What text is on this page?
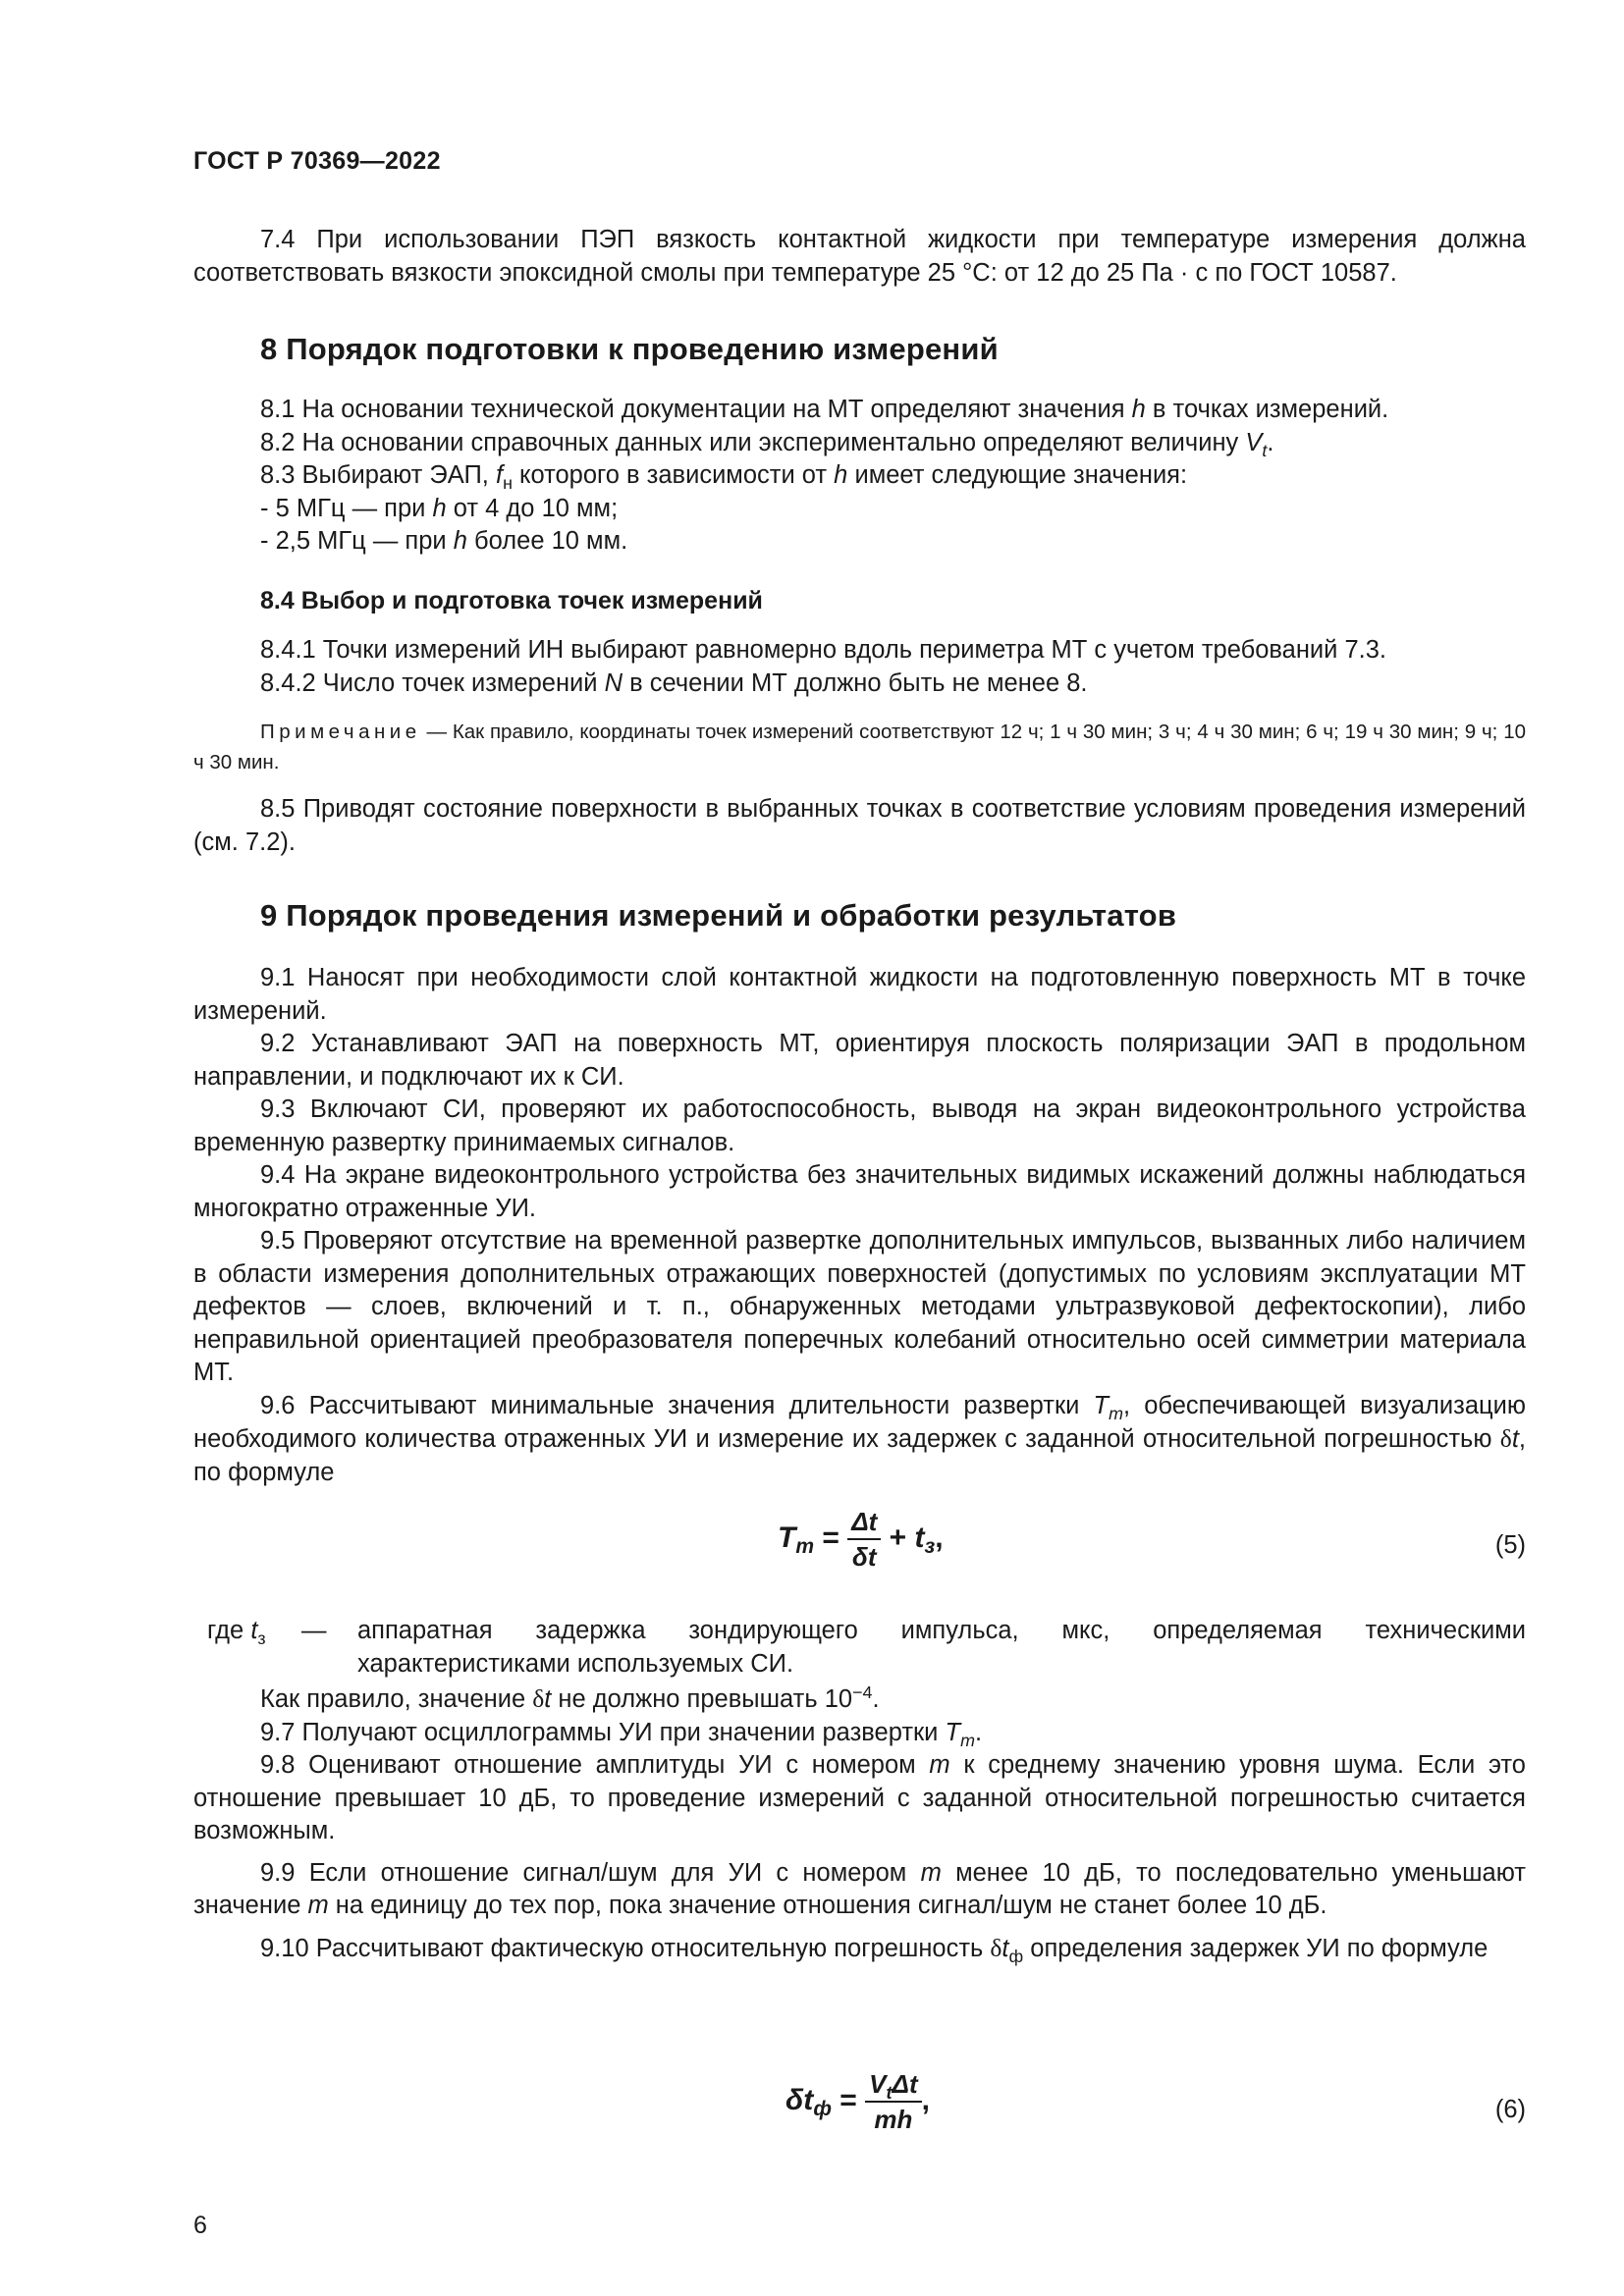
ГОСТ Р 70369—2022

7.4 При использовании ПЭП вязкость контактной жидкости при температуре измерения должна соответствовать вязкости эпоксидной смолы при температуре 25 °С: от 12 до 25 Па · с по ГОСТ 10587.

8 Порядок подготовки к проведению измерений

8.1 На основании технической документации на МТ определяют значения h в точках измерений.

8.2 На основании справочных данных или экспериментально определяют величину $V_t$.

8.3 Выбирают ЭАП, $f_н$ которого в зависимости от h имеет следующие значения:

- 5 МГц — при h от 4 до 10 мм;

- 2,5 МГц — при h более 10 мм.

8.4 Выбор и подготовка точек измерений

8.4.1 Точки измерений ИН выбирают равномерно вдоль периметра МТ с учетом требований 7.3.

8.4.2 Число точек измерений N в сечении МТ должно быть не менее 8.

Примечание — Как правило, координаты точек измерений соответствуют 12 ч; 1 ч 30 мин; 3 ч; 4 ч 30 мин; 6 ч; 19 ч 30 мин; 9 ч; 10 ч 30 мин.

8.5 Приводят состояние поверхности в выбранных точках в соответствие условиям проведения измерений (см. 7.2).

9 Порядок проведения измерений и обработки результатов

9.1 Наносят при необходимости слой контактной жидкости на подготовленную поверхность МТ в точке измерений.

9.2 Устанавливают ЭАП на поверхность МТ, ориентируя плоскость поляризации ЭАП в продольном направлении, и подключают их к СИ.

9.3 Включают СИ, проверяют их работоспособность, выводя на экран видеоконтрольного устройства временную развертку принимаемых сигналов.

9.4 На экране видеоконтрольного устройства без значительных видимых искажений должны наблюдаться многократно отраженные УИ.

9.5 Проверяют отсутствие на временной развертке дополнительных импульсов, вызванных либо наличием в области измерения дополнительных отражающих поверхностей (допустимых по условиям эксплуатации МТ дефектов — слоев, включений и т. п., обнаруженных методами ультразвуковой дефектоскопии), либо неправильной ориентацией преобразователя поперечных колебаний относительно осей симметрии материала МТ.

9.6 Рассчитывают минимальные значения длительности развертки $T_m$, обеспечивающей визуализацию необходимого количества отраженных УИ и измерение их задержек с заданной относительной погрешностью δt, по формуле

$T_m = \frac{\Delta t}{\delta t} + t_з$,	(5)
где $t_з$ — аппаратная задержка зондирующего импульса, мкс, определяемая техническими характеристиками используемых СИ.

Как правило, значение δt не должно превышать $10^{-4}$.

9.7 Получают осциллограммы УИ при значении развертки $T_m$.

9.8 Оценивают отношение амплитуды УИ с номером m к среднему значению уровня шума. Если это отношение превышает 10 дБ, то проведение измерений с заданной относительной погрешностью считается возможным.

9.9 Если отношение сигнал/шум для УИ с номером m менее 10 дБ, то последовательно уменьшают значение m на единицу до тех пор, пока значение отношения сигнал/шум не станет более 10 дБ.

9.10 Рассчитывают фактическую относительную погрешность $\delta t_ф$ определения задержек УИ по формуле

$\delta t_ф = \frac{V_t\Delta t}{mh}$ ,	(6)
6
